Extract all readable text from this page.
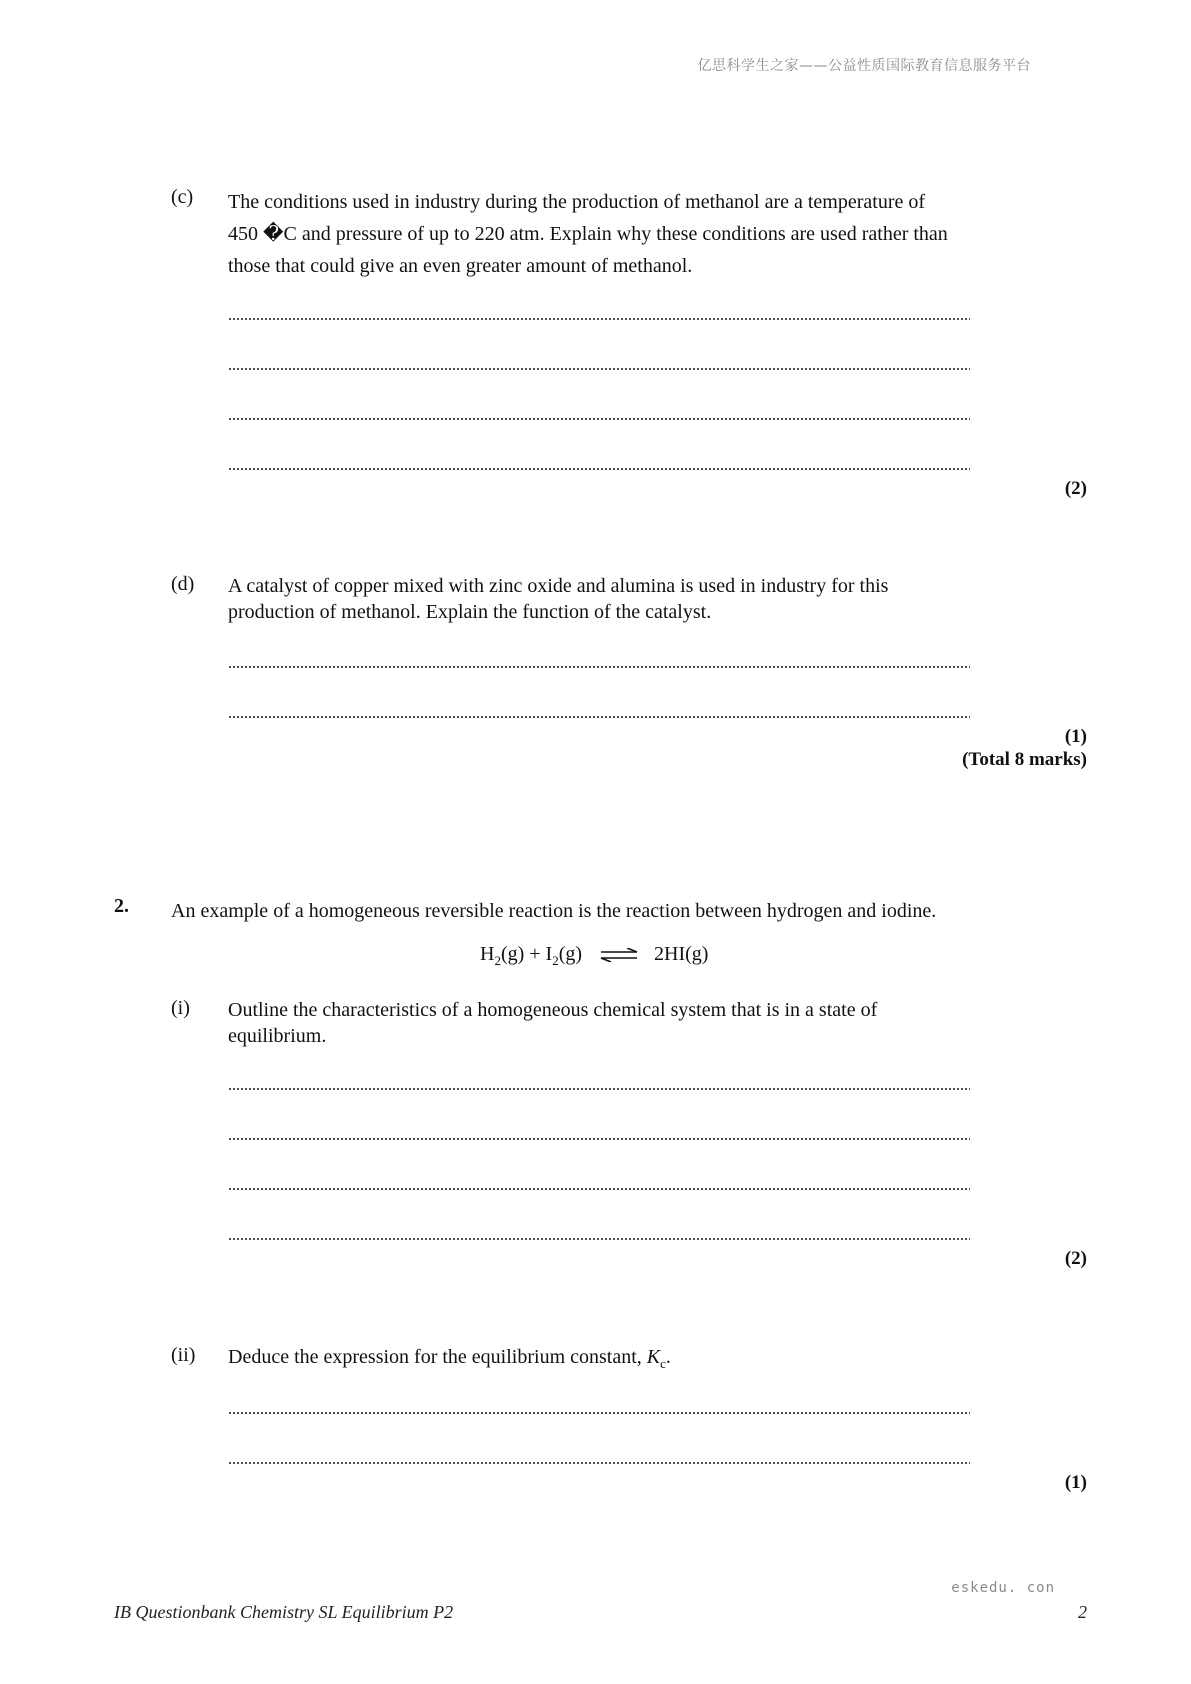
亿思科学生之家——公益性质国际教育信息服务平台
(c) The conditions used in industry during the production of methanol are a temperature of
450 �C and pressure of up to 220 atm. Explain why these conditions are used rather than
those that could give an even greater amount of methanol.
(2)
(d) A catalyst of copper mixed with zinc oxide and alumina is used in industry for this
production of methanol. Explain the function of the catalyst.
(1)
(Total 8 marks)
2. An example of a homogeneous reversible reaction is the reaction between hydrogen and iodine.
$H_2(g) + I_2(g)$ ⇌ 2HI(g)
(i) Outline the characteristics of a homogeneous chemical system that is in a state of
equilibrium.
(2)
(ii) Deduce the expression for the equilibrium constant, $K_c$.
(1)
eskedu. con
IB Questionbank Chemistry SL Equilibrium P2	2
